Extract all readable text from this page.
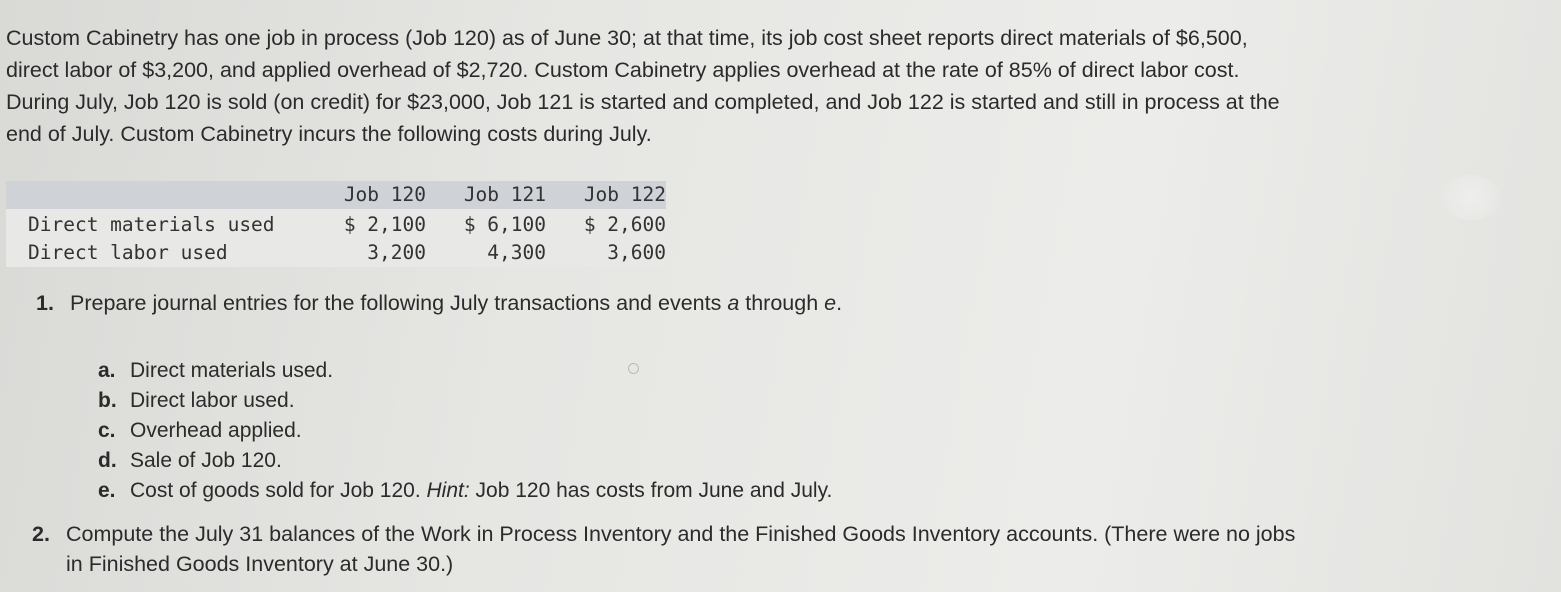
Custom Cabinetry has one job in process (Job 120) as of June 30; at that time, its job cost sheet reports direct materials of $6,500,

direct labor of $3,200, and applied overhead of $2,720. Custom Cabinetry applies overhead at the rate of 85% of direct labor cost.

During July, Job 120 is sold (on credit) for $23,000, Job 121 is started and completed, and Job 122 is started and still in process at the

end of July. Custom Cabinetry incurs the following costs during July.

	Job 120	Job 121	Job 122
Direct materials used	$ 2,100	$ 6,100	$ 2,600
Direct labor used	3,200	4,300	3,600

1. Prepare journal entries for the following July transactions and events a through e.

a. Direct materials used.
b. Direct labor used.
c. Overhead applied.
d. Sale of Job 120.
e. Cost of goods sold for Job 120. Hint: Job 120 has costs from June and July.

2. Compute the July 31 balances of the Work in Process Inventory and the Finished Goods Inventory accounts. (There were no jobs
in Finished Goods Inventory at June 30.)
